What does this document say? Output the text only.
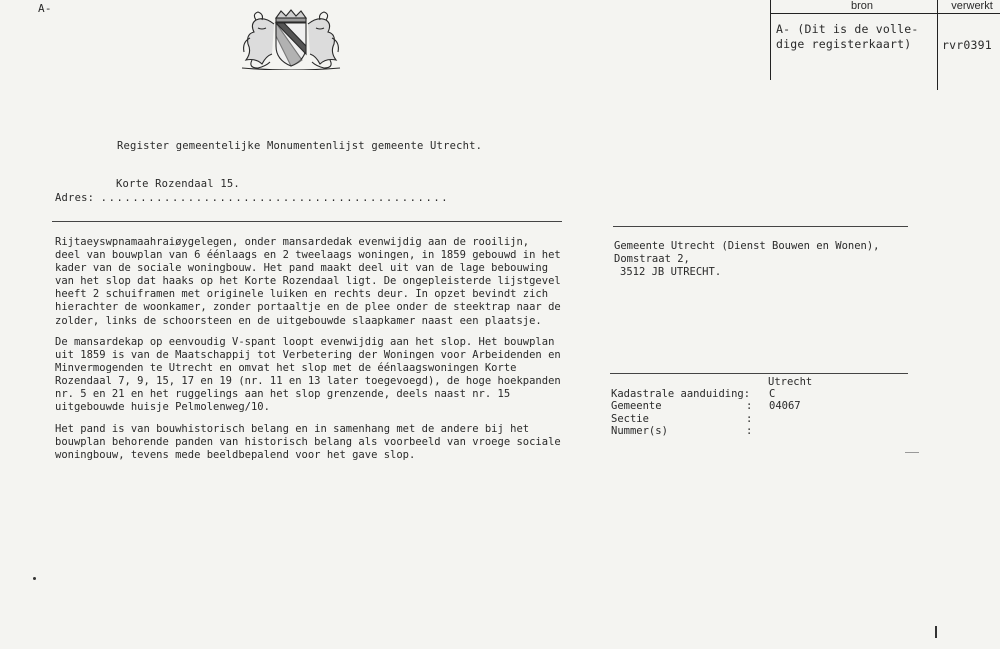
A-	bron	verwerkt
A- (Dit is de volle-
dige registerkaart)	rvr0391
Register gemeentelijke Monumentenlijst gemeente Utrecht.
Korte Rozendaal 15.
Adres: ............................................
Rijtaeyswpnamaahraiøygelegen, onder mansardedak evenwijdig aan de rooilijn,
deel van bouwplan van 6 éénlaags en 2 tweelaags woningen, in 1859 gebouwd in het
kader van de sociale woningbouw. Het pand maakt deel uit van de lage bebouwing
van het slop dat haaks op het Korte Rozendaal ligt. De ongepleisterde lijstgevel
heeft 2 schuiframen met originele luiken en rechts deur. In opzet bevindt zich
hierachter de woonkamer, zonder portaaltje en de plee onder de steektrap naar de
zolder, links de schoorsteen en de uitgebouwde slaapkamer naast een plaatsje.
De mansardekap op eenvoudig V-spant loopt evenwijdig aan het slop. Het bouwplan
uit 1859 is van de Maatschappij tot Verbetering der Woningen voor Arbeidenden en
Minvermogenden te Utrecht en omvat het slop met de éénlaagswoningen Korte
Rozendaal 7, 9, 15, 17 en 19 (nr. 11 en 13 later toegevoegd), de hoge hoekpanden
nr. 5 en 21 en het ruggelings aan het slop grenzende, deels naast nr. 15
uitgebouwde huisje Pelmolenweg/10.
Het pand is van bouwhistorisch belang en in samenhang met de andere bij het
bouwplan behorende panden van historisch belang als voorbeeld van vroege sociale
woningbouw, tevens mede beeldbepalend voor het gave slop.
Gemeente Utrecht (Dienst Bouwen en Wonen),
Domstraat 2,
3512 JB UTRECHT.
Utrecht
Kadastrale aanduiding: C
Gemeente	: 04067
Sectie	:
Nummer(s)	:
